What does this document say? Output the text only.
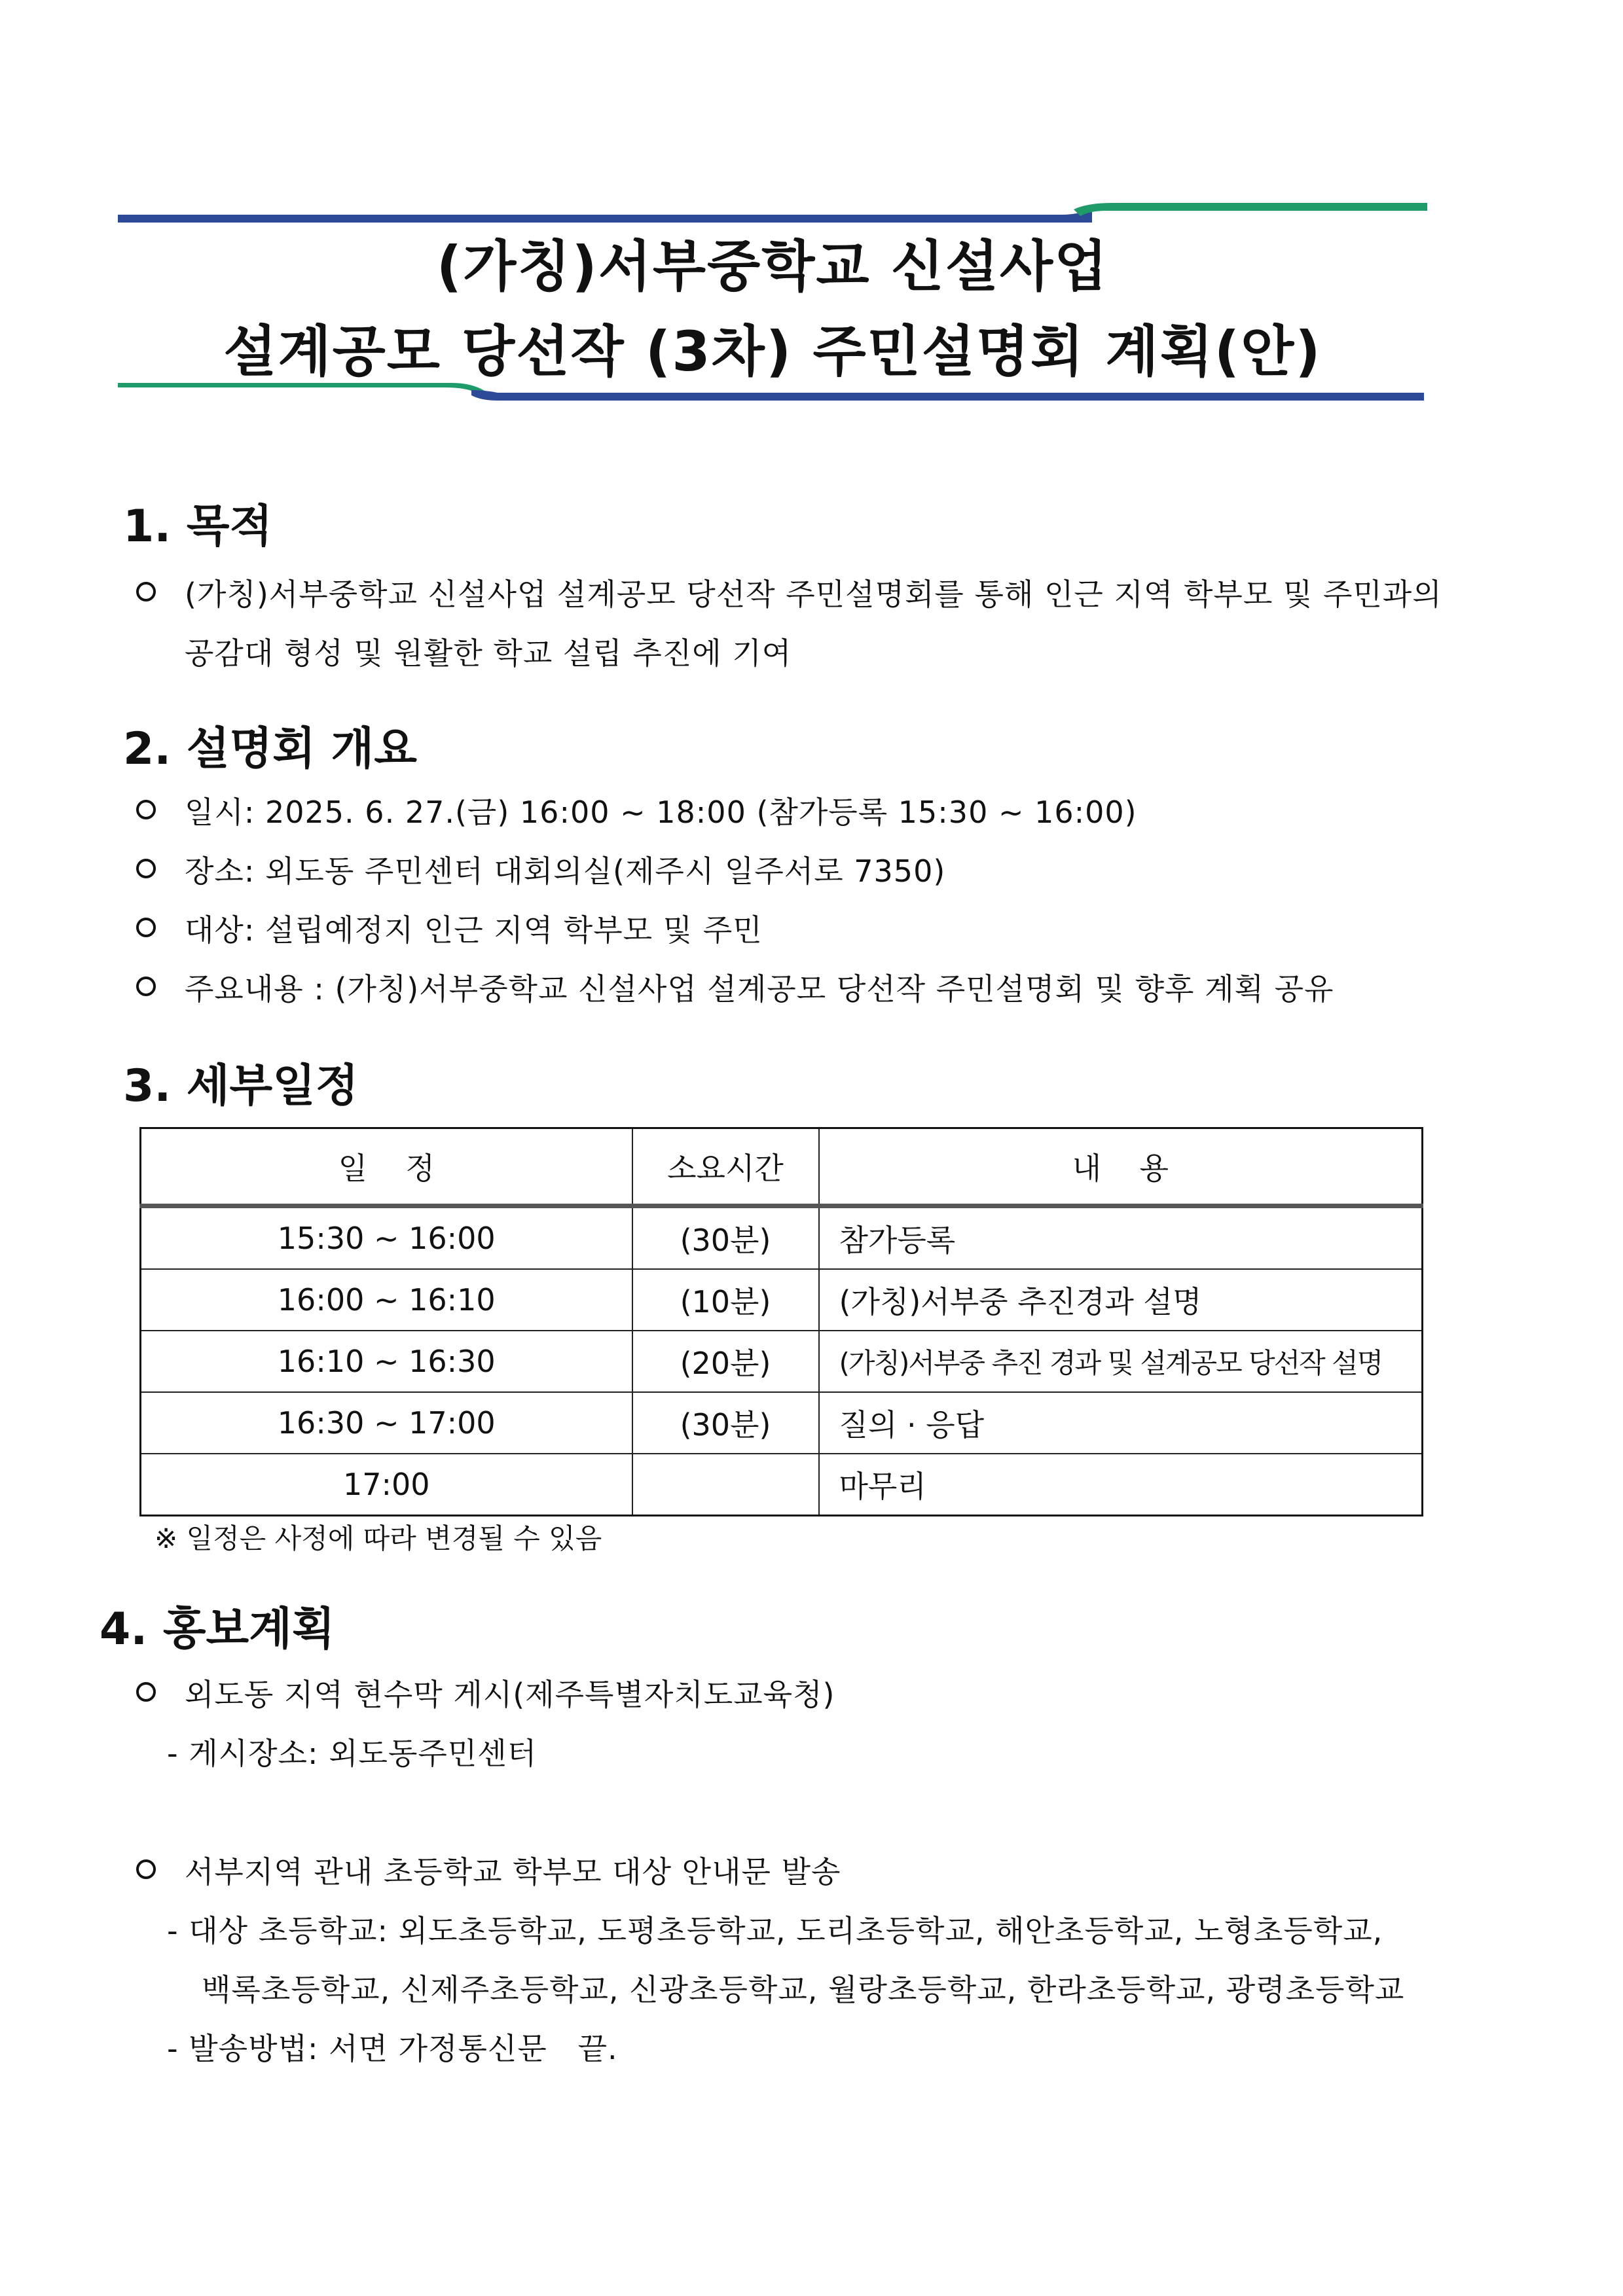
(가칭)서부중학교 신설사업
설계공모 당선작 (3차) 주민설명회 계획(안)
1. 목적
(가칭)서부중학교 신설사업 설계공모 당선작 주민설명회를 통해 인근 지역 학부모 및 주민과의
공감대 형성 및 원활한 학교 설립 추진에 기여
2. 설명회 개요
일시: 2025. 6. 27.(금) 16:00 ~ 18:00 (참가등록 15:30 ~ 16:00)
장소: 외도동 주민센터 대회의실(제주시 일주서로 7350)
대상: 설립예정지 인근 지역 학부모 및 주민
주요내용 : (가칭)서부중학교 신설사업 설계공모 당선작 주민설명회 및 향후 계획 공유
3. 세부일정
일    정	소요시간	내    용
15:30 ~ 16:00	(30분)	참가등록
16:00 ~ 16:10	(10분)	(가칭)서부중 추진경과 설명
16:10 ~ 16:30	(20분)	(가칭)서부중 추진 경과 및 설계공모 당선작 설명
16:30 ~ 17:00	(30분)	질의 · 응답
17:00		마무리
※ 일정은 사정에 따라 변경될 수 있음
4. 홍보계획
외도동 지역 현수막 게시(제주특별자치도교육청)
- 게시장소: 외도동주민센터
서부지역 관내 초등학교 학부모 대상 안내문 발송
- 대상 초등학교: 외도초등학교, 도평초등학교, 도리초등학교, 해안초등학교, 노형초등학교,
백록초등학교, 신제주초등학교, 신광초등학교, 월랑초등학교, 한라초등학교, 광령초등학교
- 발송방법: 서면 가정통신문   끝.
